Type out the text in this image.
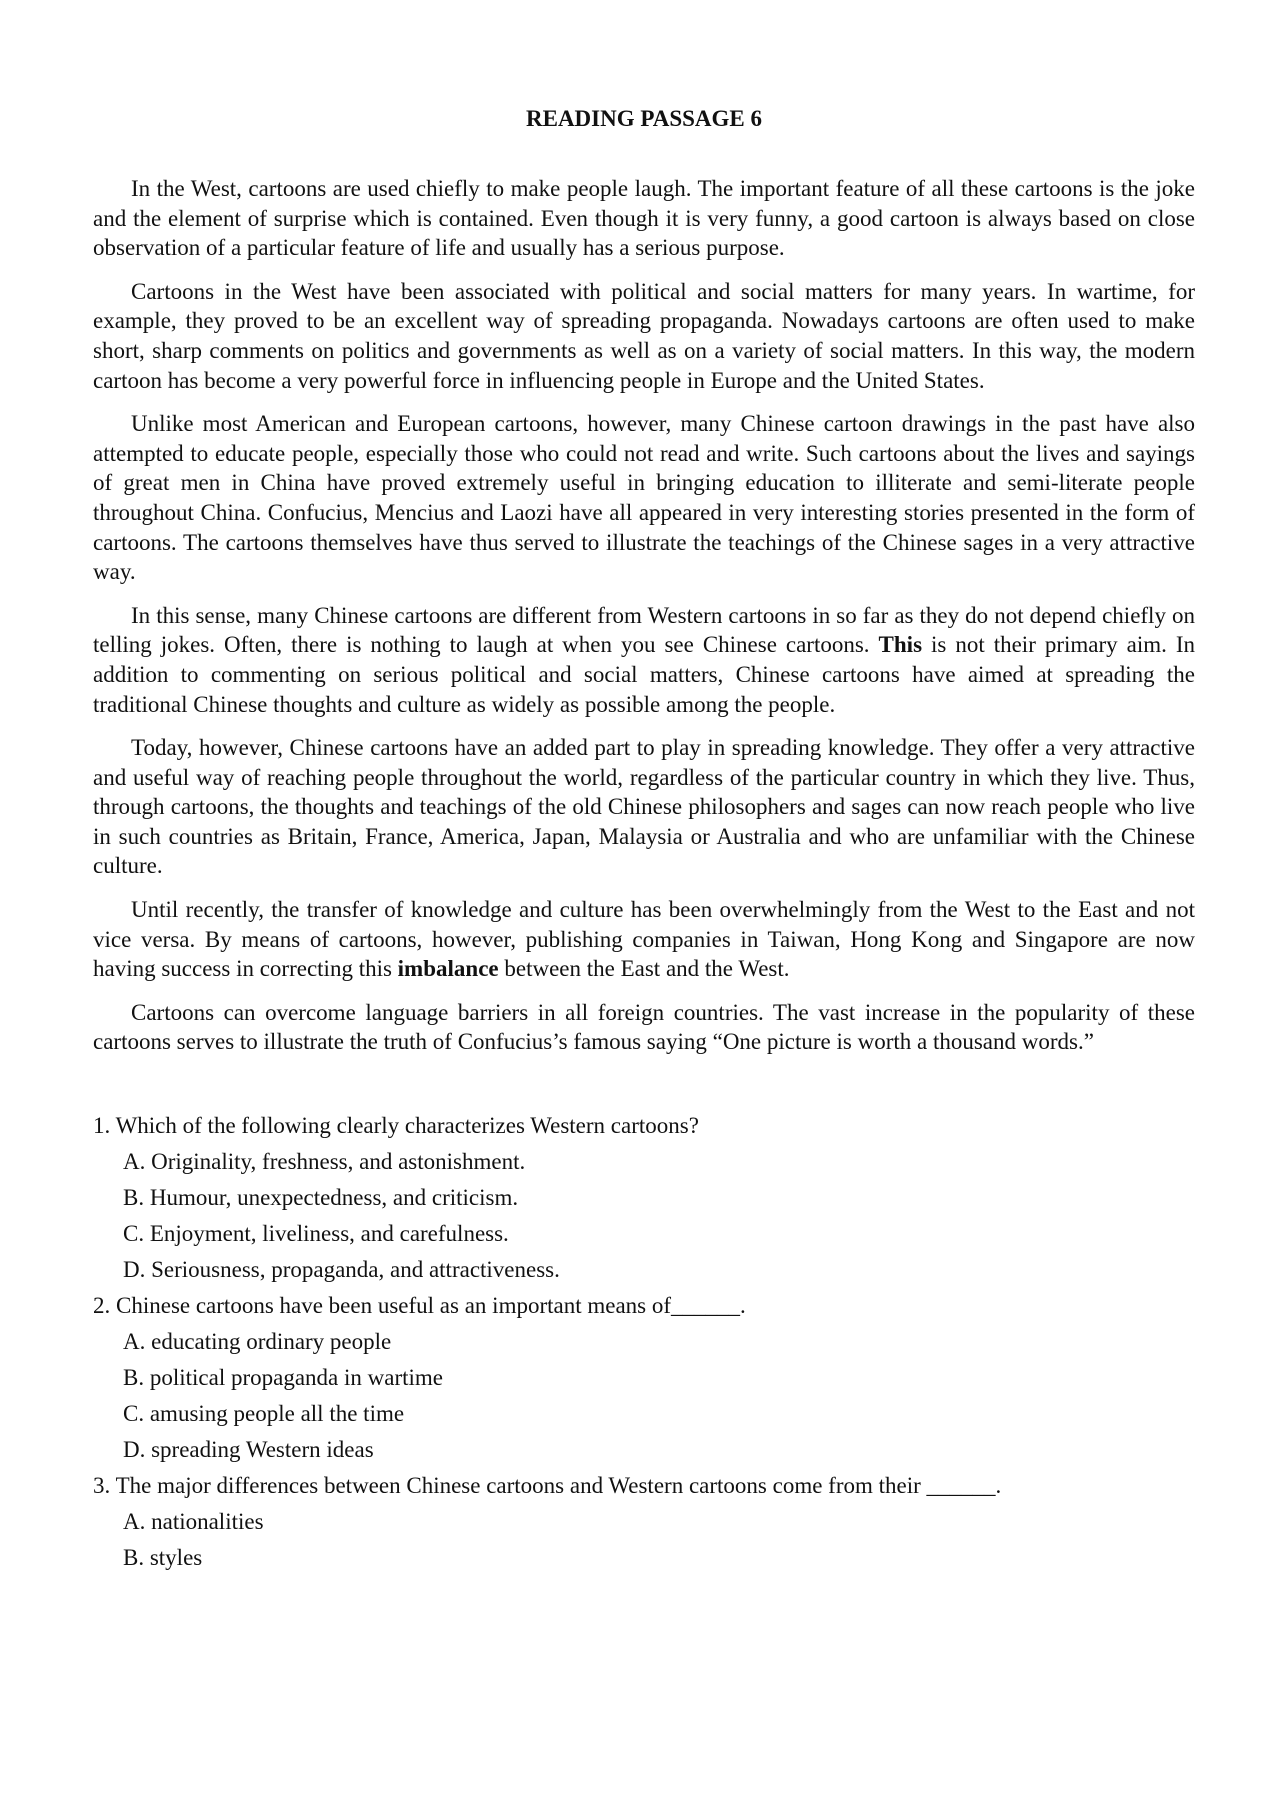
READING PASSAGE 6

In the West, cartoons are used chiefly to make people laugh. The important feature of all these cartoons is the joke and the element of surprise which is contained. Even though it is very funny, a good cartoon is always based on close observation of a particular feature of life and usually has a serious purpose.

Cartoons in the West have been associated with political and social matters for many years. In wartime, for example, they proved to be an excellent way of spreading propaganda. Nowadays cartoons are often used to make short, sharp comments on politics and governments as well as on a variety of social matters. In this way, the modern cartoon has become a very powerful force in influencing people in Europe and the United States.

Unlike most American and European cartoons, however, many Chinese cartoon drawings in the past have also attempted to educate people, especially those who could not read and write. Such cartoons about the lives and sayings of great men in China have proved extremely useful in bringing education to illiterate and semi-literate people throughout China. Confucius, Mencius and Laozi have all appeared in very interesting stories presented in the form of cartoons. The cartoons themselves have thus served to illustrate the teachings of the Chinese sages in a very attractive way.

In this sense, many Chinese cartoons are different from Western cartoons in so far as they do not depend chiefly on telling jokes. Often, there is nothing to laugh at when you see Chinese cartoons. This is not their primary aim. In addition to commenting on serious political and social matters, Chinese cartoons have aimed at spreading the traditional Chinese thoughts and culture as widely as possible among the people.

Today, however, Chinese cartoons have an added part to play in spreading knowledge. They offer a very attractive and useful way of reaching people throughout the world, regardless of the particular country in which they live. Thus, through cartoons, the thoughts and teachings of the old Chinese philosophers and sages can now reach people who live in such countries as Britain, France, America, Japan, Malaysia or Australia and who are unfamiliar with the Chinese culture.

Until recently, the transfer of knowledge and culture has been overwhelmingly from the West to the East and not vice versa. By means of cartoons, however, publishing companies in Taiwan, Hong Kong and Singapore are now having success in correcting this imbalance between the East and the West.

Cartoons can overcome language barriers in all foreign countries. The vast increase in the popularity of these cartoons serves to illustrate the truth of Confucius’s famous saying “One picture is worth a thousand words.”

1. Which of the following clearly characterizes Western cartoons?
A. Originality, freshness, and astonishment.
B. Humour, unexpectedness, and criticism.
C. Enjoyment, liveliness, and carefulness.
D. Seriousness, propaganda, and attractiveness.
2. Chinese cartoons have been useful as an important means of______.
A. educating ordinary people
B. political propaganda in wartime
C. amusing people all the time
D. spreading Western ideas
3. The major differences between Chinese cartoons and Western cartoons come from their ______.
A. nationalities
B. styles
